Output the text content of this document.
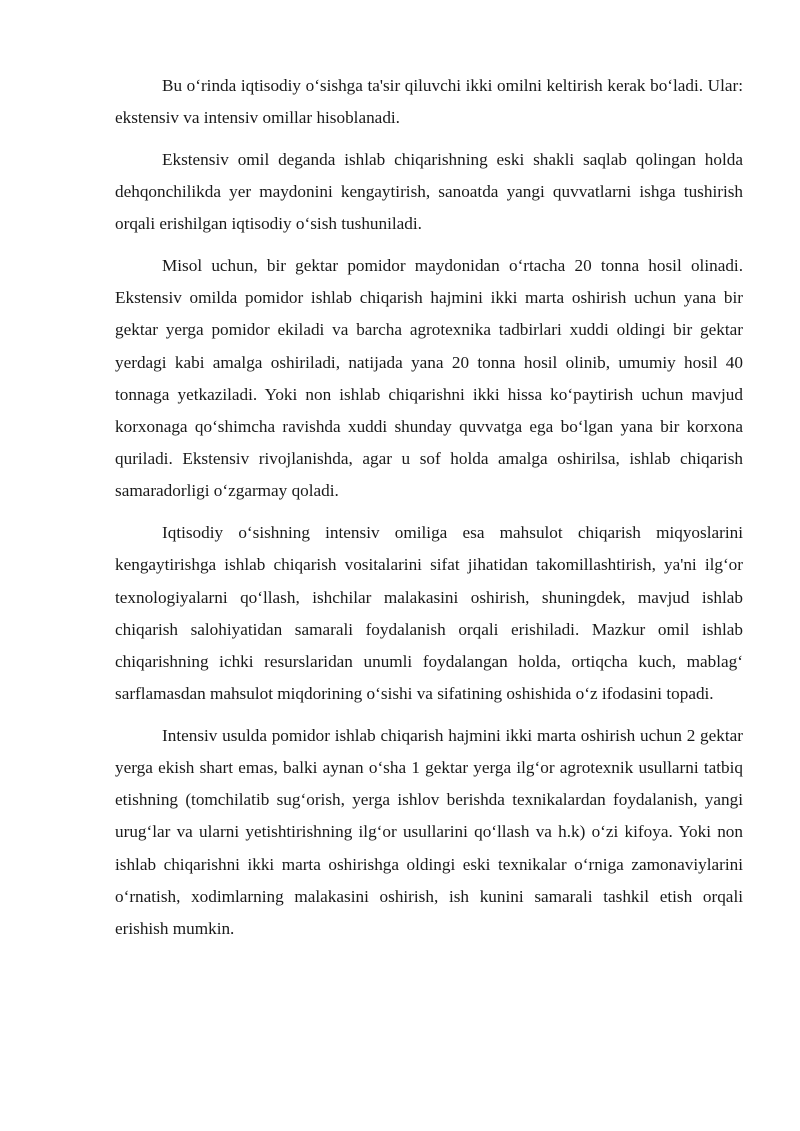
Bu o‘rinda iqtisodiy o‘sishga ta'sir qiluvchi ikki omilni keltirish kerak bo‘ladi. Ular: ekstensiv va intensiv omillar hisoblanadi.

Ekstensiv omil deganda ishlab chiqarishning eski shakli saqlab qolingan holda dehqonchilikda yer maydonini kengaytirish, sanoatda yangi quvvatlarni ishga tushirish orqali erishilgan iqtisodiy o‘sish tushuniladi.

Misol uchun, bir gektar pomidor maydonidan o‘rtacha 20 tonna hosil olinadi. Ekstensiv omilda pomidor ishlab chiqarish hajmini ikki marta oshirish uchun yana bir gektar yerga pomidor ekiladi va barcha agrotexnika tadbirlari xuddi oldingi bir gektar yerdagi kabi amalga oshiriladi, natijada yana 20 tonna hosil olinib, umumiy hosil 40 tonnaga yetkaziladi. Yoki non ishlab chiqarishni ikki hissa ko‘paytirish uchun mavjud korxonaga qo‘shimcha ravishda xuddi shunday quvvatga ega bo‘lgan yana bir korxona quriladi. Ekstensiv rivojlanishda, agar u sof holda amalga oshirilsa, ishlab chiqarish samaradorligi o‘zgarmay qoladi.

Iqtisodiy o‘sishning intensiv omiliga esa mahsulot chiqarish miqyoslarini kengaytirishga ishlab chiqarish vositalarini sifat jihatidan takomillashtirish, ya'ni ilg‘or texnologiyalarni qo‘llash, ishchilar malakasini oshirish, shuningdek, mavjud ishlab chiqarish salohiyatidan samarali foydalanish orqali erishiladi. Mazkur omil ishlab chiqarishning ichki resurslaridan unumli foydalangan holda, ortiqcha kuch, mablag‘ sarflamasdan mahsulot miqdorining o‘sishi va sifatining oshishida o‘z ifodasini topadi.

Intensiv usulda pomidor ishlab chiqarish hajmini ikki marta oshirish uchun 2 gektar yerga ekish shart emas, balki aynan o‘sha 1 gektar yerga ilg‘or agrotexnik usullarni tatbiq etishning (tomchilatib sug‘orish, yerga ishlov berishda texnikalardan foydalanish, yangi urug‘lar va ularni yetishtirishning ilg‘or usullarini qo‘llash va h.k) o‘zi kifoya. Yoki non ishlab chiqarishni ikki marta oshirishga oldingi eski texnikalar o‘rniga zamonaviylarini o‘rnatish, xodimlarning malakasini oshirish, ish kunini samarali tashkil etish orqali erishish mumkin.
